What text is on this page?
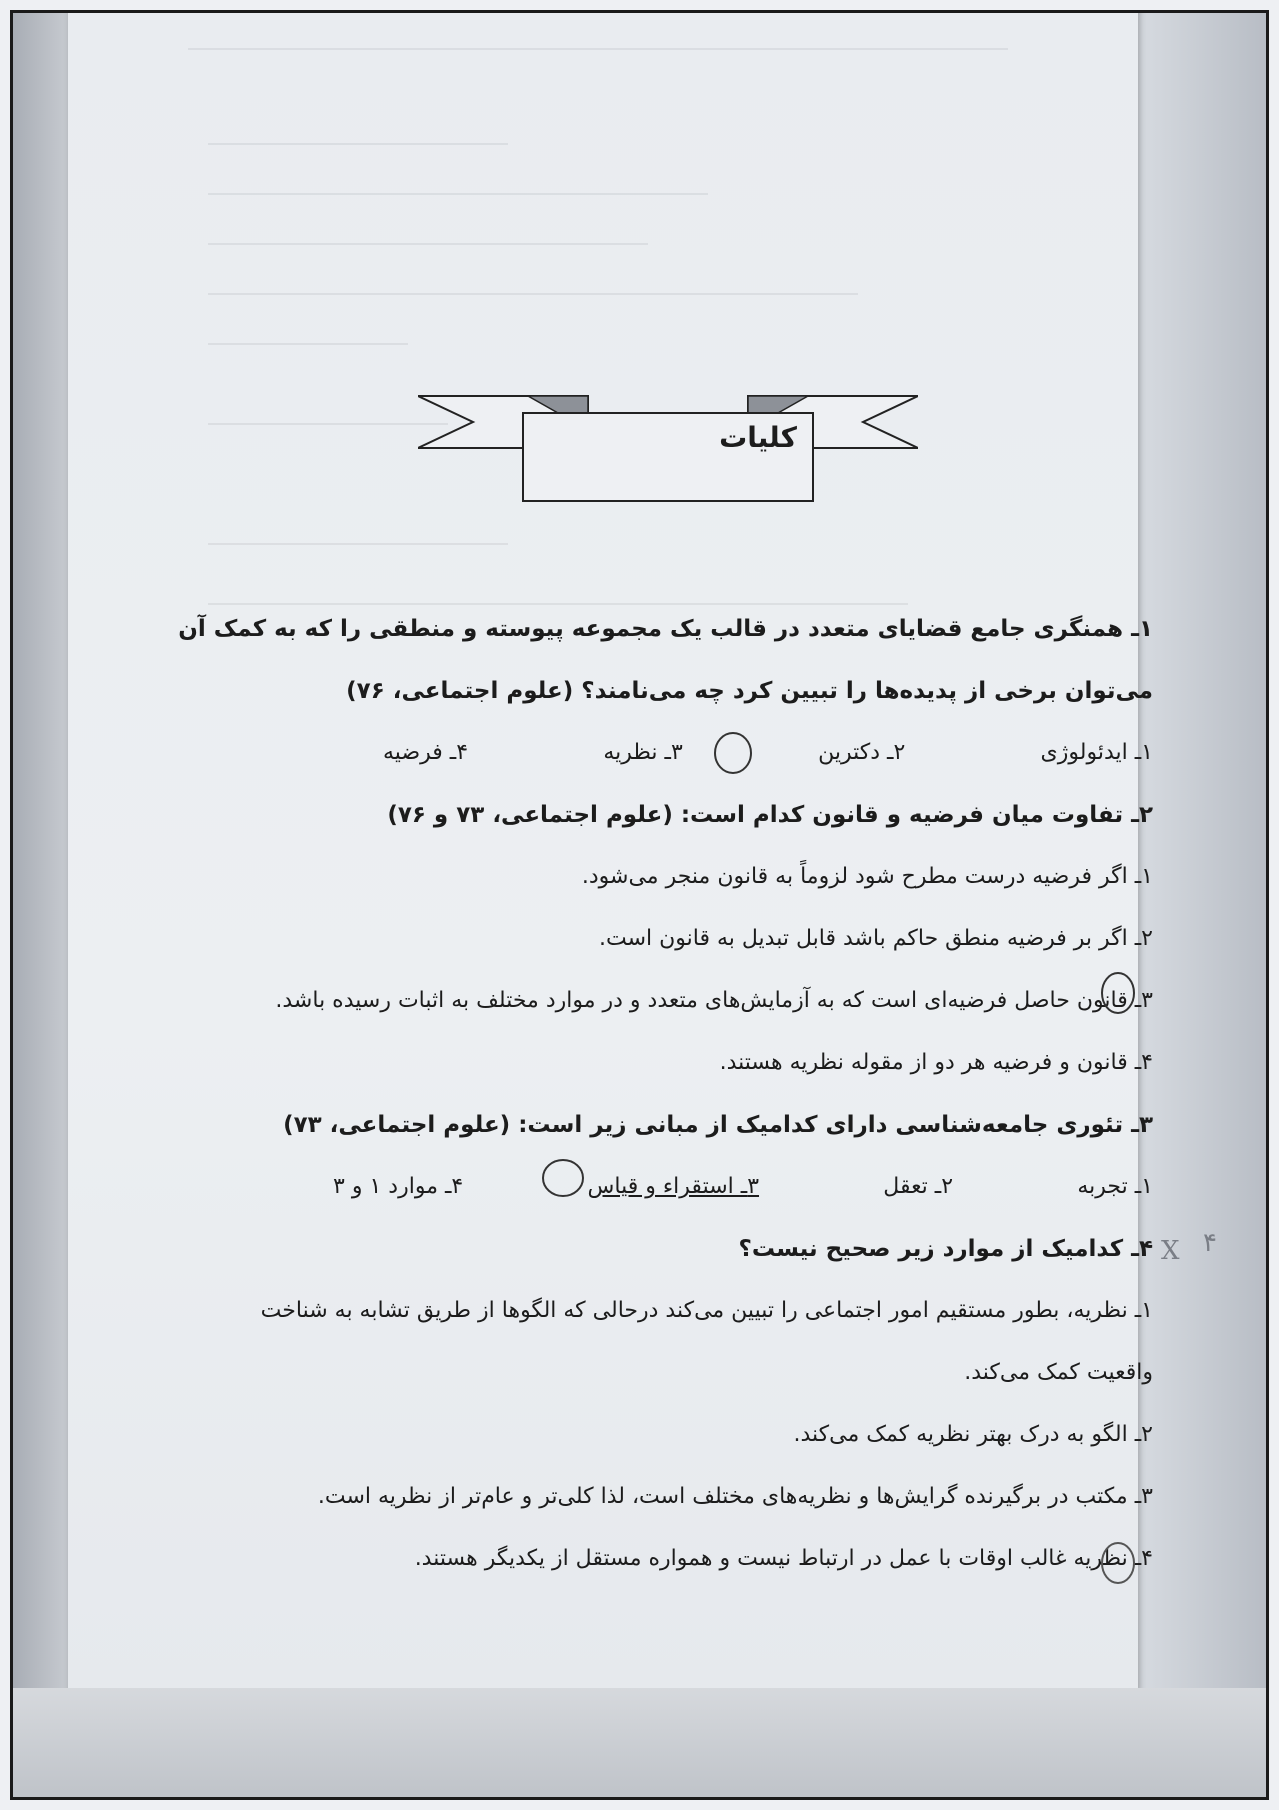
کلیات
۱ـ همنگری جامع قضایای متعدد در قالب یک مجموعه پیوسته و منطقی را که به کمک آن
می‌توان برخی از پدیده‌ها را تبیین کرد چه می‌نامند؟ (علوم اجتماعی، ۷۶)
۱ـ ایدئولوژی
۲ـ دکترین
۳ـ نظریه
۴ـ فرضیه
۲ـ تفاوت میان فرضیه و قانون کدام است: (علوم اجتماعی، ۷۳ و ۷۶)
۱ـ اگر فرضیه درست مطرح شود لزوماً به قانون منجر می‌شود.
۲ـ اگر بر فرضیه منطق حاکم باشد قابل تبدیل به قانون است.
۳ـ قانون حاصل فرضیه‌ای است که به آزمایش‌های متعدد و در موارد مختلف به اثبات رسیده باشد.
۴ـ قانون و فرضیه هر دو از مقوله نظریه هستند.
۳ـ تئوری جامعه‌شناسی دارای کدامیک از مبانی زیر است: (علوم اجتماعی، ۷۳)
۱ـ تجربه
۲ـ تعقل
۳ـ استقراء و قیاس
۴ـ موارد ۱ و ۳
۴ـ کدامیک از موارد زیر صحیح نیست؟
۱ـ نظریه، بطور مستقیم امور اجتماعی را تبیین می‌کند درحالی که الگوها از طریق تشابه به شناخت
واقعیت کمک می‌کند.
۲ـ الگو به درک بهتر نظریه کمک می‌کند.
۳ـ مکتب در برگیرنده گرایش‌ها و نظریه‌های مختلف است، لذا کلی‌تر و عام‌تر از نظریه است.
۴ـ نظریه غالب اوقات با عمل در ارتباط نیست و همواره مستقل از یکدیگر هستند.
X ۴
